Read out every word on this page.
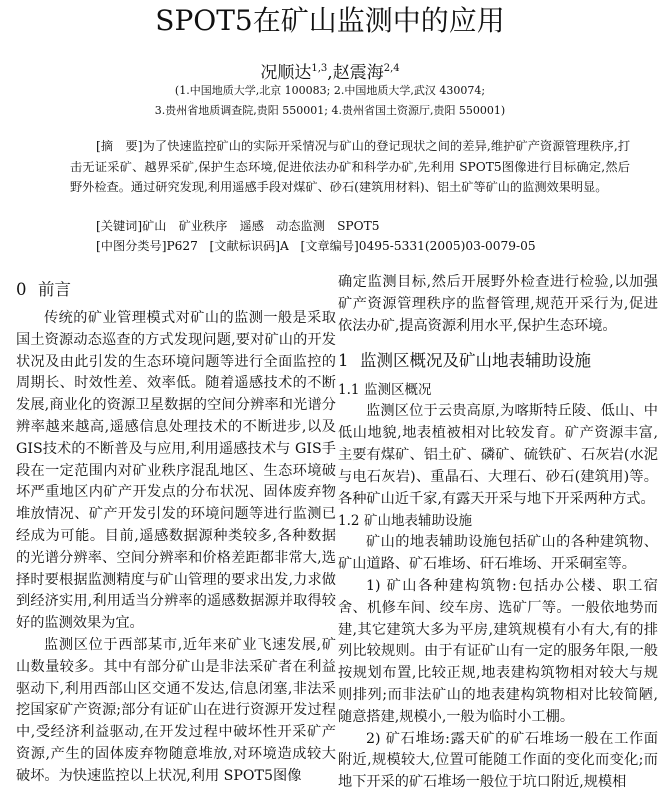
SPOT5在矿山监测中的应用
况顺达$^{1,3}$,赵震海$^{2,4}$
(1.中国地质大学,北京 100083; 2.中国地质大学,武汉 430074;
3.贵州省地质调查院,贵阳 550001; 4.贵州省国土资源厅,贵阳 550001)
[摘　要]为了快速监控矿山的实际开采情况与矿山的登记现状之间的差异,维护矿产资源管理秩序,打击无证采矿、越界采矿,保护生态环境,促进依法办矿和科学办矿,先利用 SPOT5图像进行目标确定,然后野外检查。通过研究发现,利用遥感手段对煤矿、砂石(建筑用材料)、铝土矿等矿山的监测效果明显。
[关键词]矿山　矿业秩序　遥感　动态监测　SPOT5
[中图分类号]P627 [文献标识码]A [文章编号]0495-5331(2005)03-0079-05
0 前言

传统的矿业管理模式对矿山的监测一般是采取国土资源动态巡查的方式发现问题,要对矿山的开发状况及由此引发的生态环境问题等进行全面监控的周期长、时效性差、效率低。随着遥感技术的不断发展,商业化的资源卫星数据的空间分辨率和光谱分辨率越来越高,遥感信息处理技术的不断进步,以及 GIS技术的不断普及与应用,利用遥感技术与 GIS手段在一定范围内对矿业秩序混乱地区、生态环境破坏严重地区内矿产开发点的分布状况、固体废弃物堆放情况、矿产开发引发的环境问题等进行监测已经成为可能。目前,遥感数据源种类较多,各种数据的光谱分辨率、空间分辨率和价格差距都非常大,选择时要根据监测精度与矿山管理的要求出发,力求做到经济实用,利用适当分辨率的遥感数据源并取得较好的监测效果为宜。

监测区位于西部某市,近年来矿业飞速发展,矿山数量较多。其中有部分矿山是非法采矿者在利益驱动下,利用西部山区交通不发达,信息闭塞,非法采挖国家矿产资源;部分有证矿山在进行资源开发过程中,受经济利益驱动,在开发过程中破坏性开采矿产资源,产生的固体废弃物随意堆放,对环境造成较大破坏。为快速监控以上状况,利用 SPOT5图像

确定监测目标,然后开展野外检查进行检验,以加强矿产资源管理秩序的监督管理,规范开采行为,促进依法办矿,提高资源利用水平,保护生态环境。

1 监测区概况及矿山地表辅助设施
1.1 监测区概况

监测区位于云贵高原,为喀斯特丘陵、低山、中低山地貌,地表植被相对比较发育。矿产资源丰富,主要有煤矿、铝土矿、磷矿、硫铁矿、石灰岩(水泥与电石灰岩)、重晶石、大理石、砂石(建筑用)等。各种矿山近千家,有露天开采与地下开采两种方式。

1.2 矿山地表辅助设施

矿山的地表辅助设施包括矿山的各种建筑物、矿山道路、矿石堆场、矸石堆场、开采硐室等。

1) 矿山各种建构筑物:包括办公楼、职工宿舍、机修车间、绞车房、选矿厂等。一般依地势而建,其它建筑大多为平房,建筑规模有小有大,有的排列比较规则。由于有证矿山有一定的服务年限,一般按规划布置,比较正规,地表建构筑物相对较大与规则排列;而非法矿山的地表建构筑物相对比较简陋,随意搭建,规模小,一般为临时小工棚。

2) 矿石堆场:露天矿的矿石堆场一般在工作面附近,规模较大,位置可能随工作面的变化而变化;而地下开采的矿石堆场一般位于坑口附近,规模相
